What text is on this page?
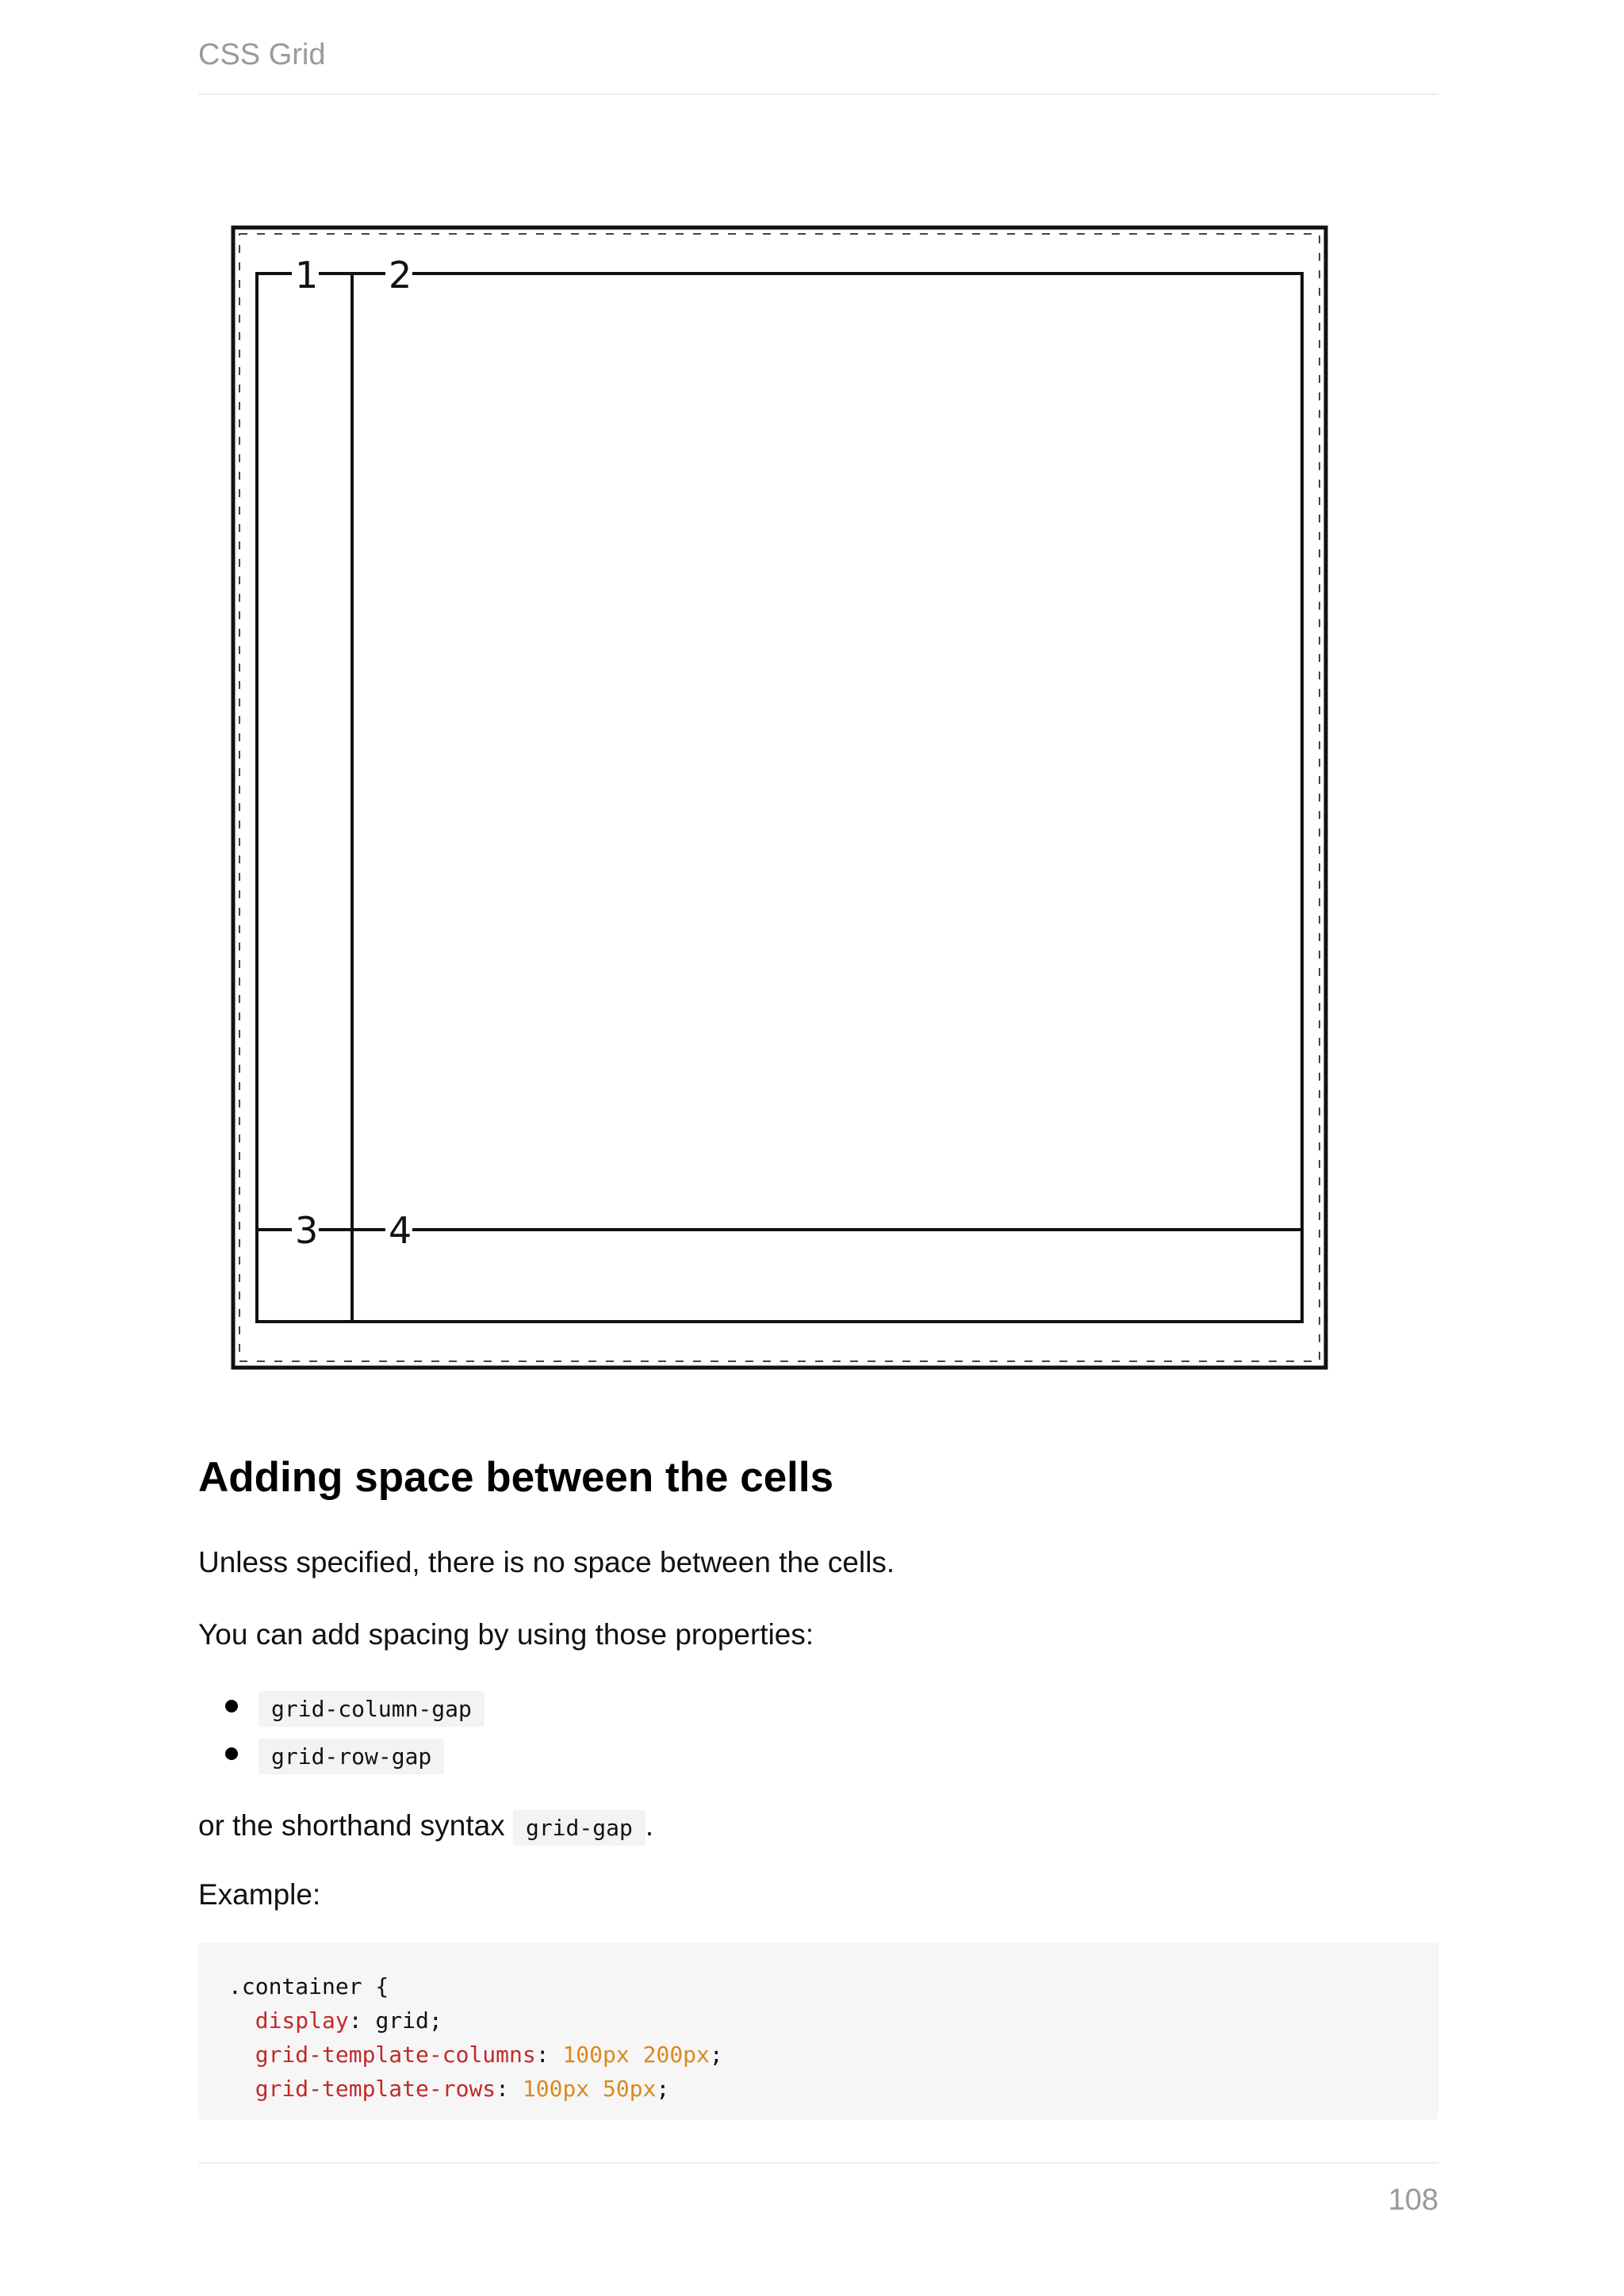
CSS Grid
1 2
3 4
Adding space between the cells

Unless specified, there is no space between the cells.

You can add spacing by using those properties:

grid-column-gap
grid-row-gap

or the shorthand syntax grid-gap .

Example:

.container {
display: grid;
grid-template-columns: 100px 200px;
grid-template-rows: 100px 50px;
108
